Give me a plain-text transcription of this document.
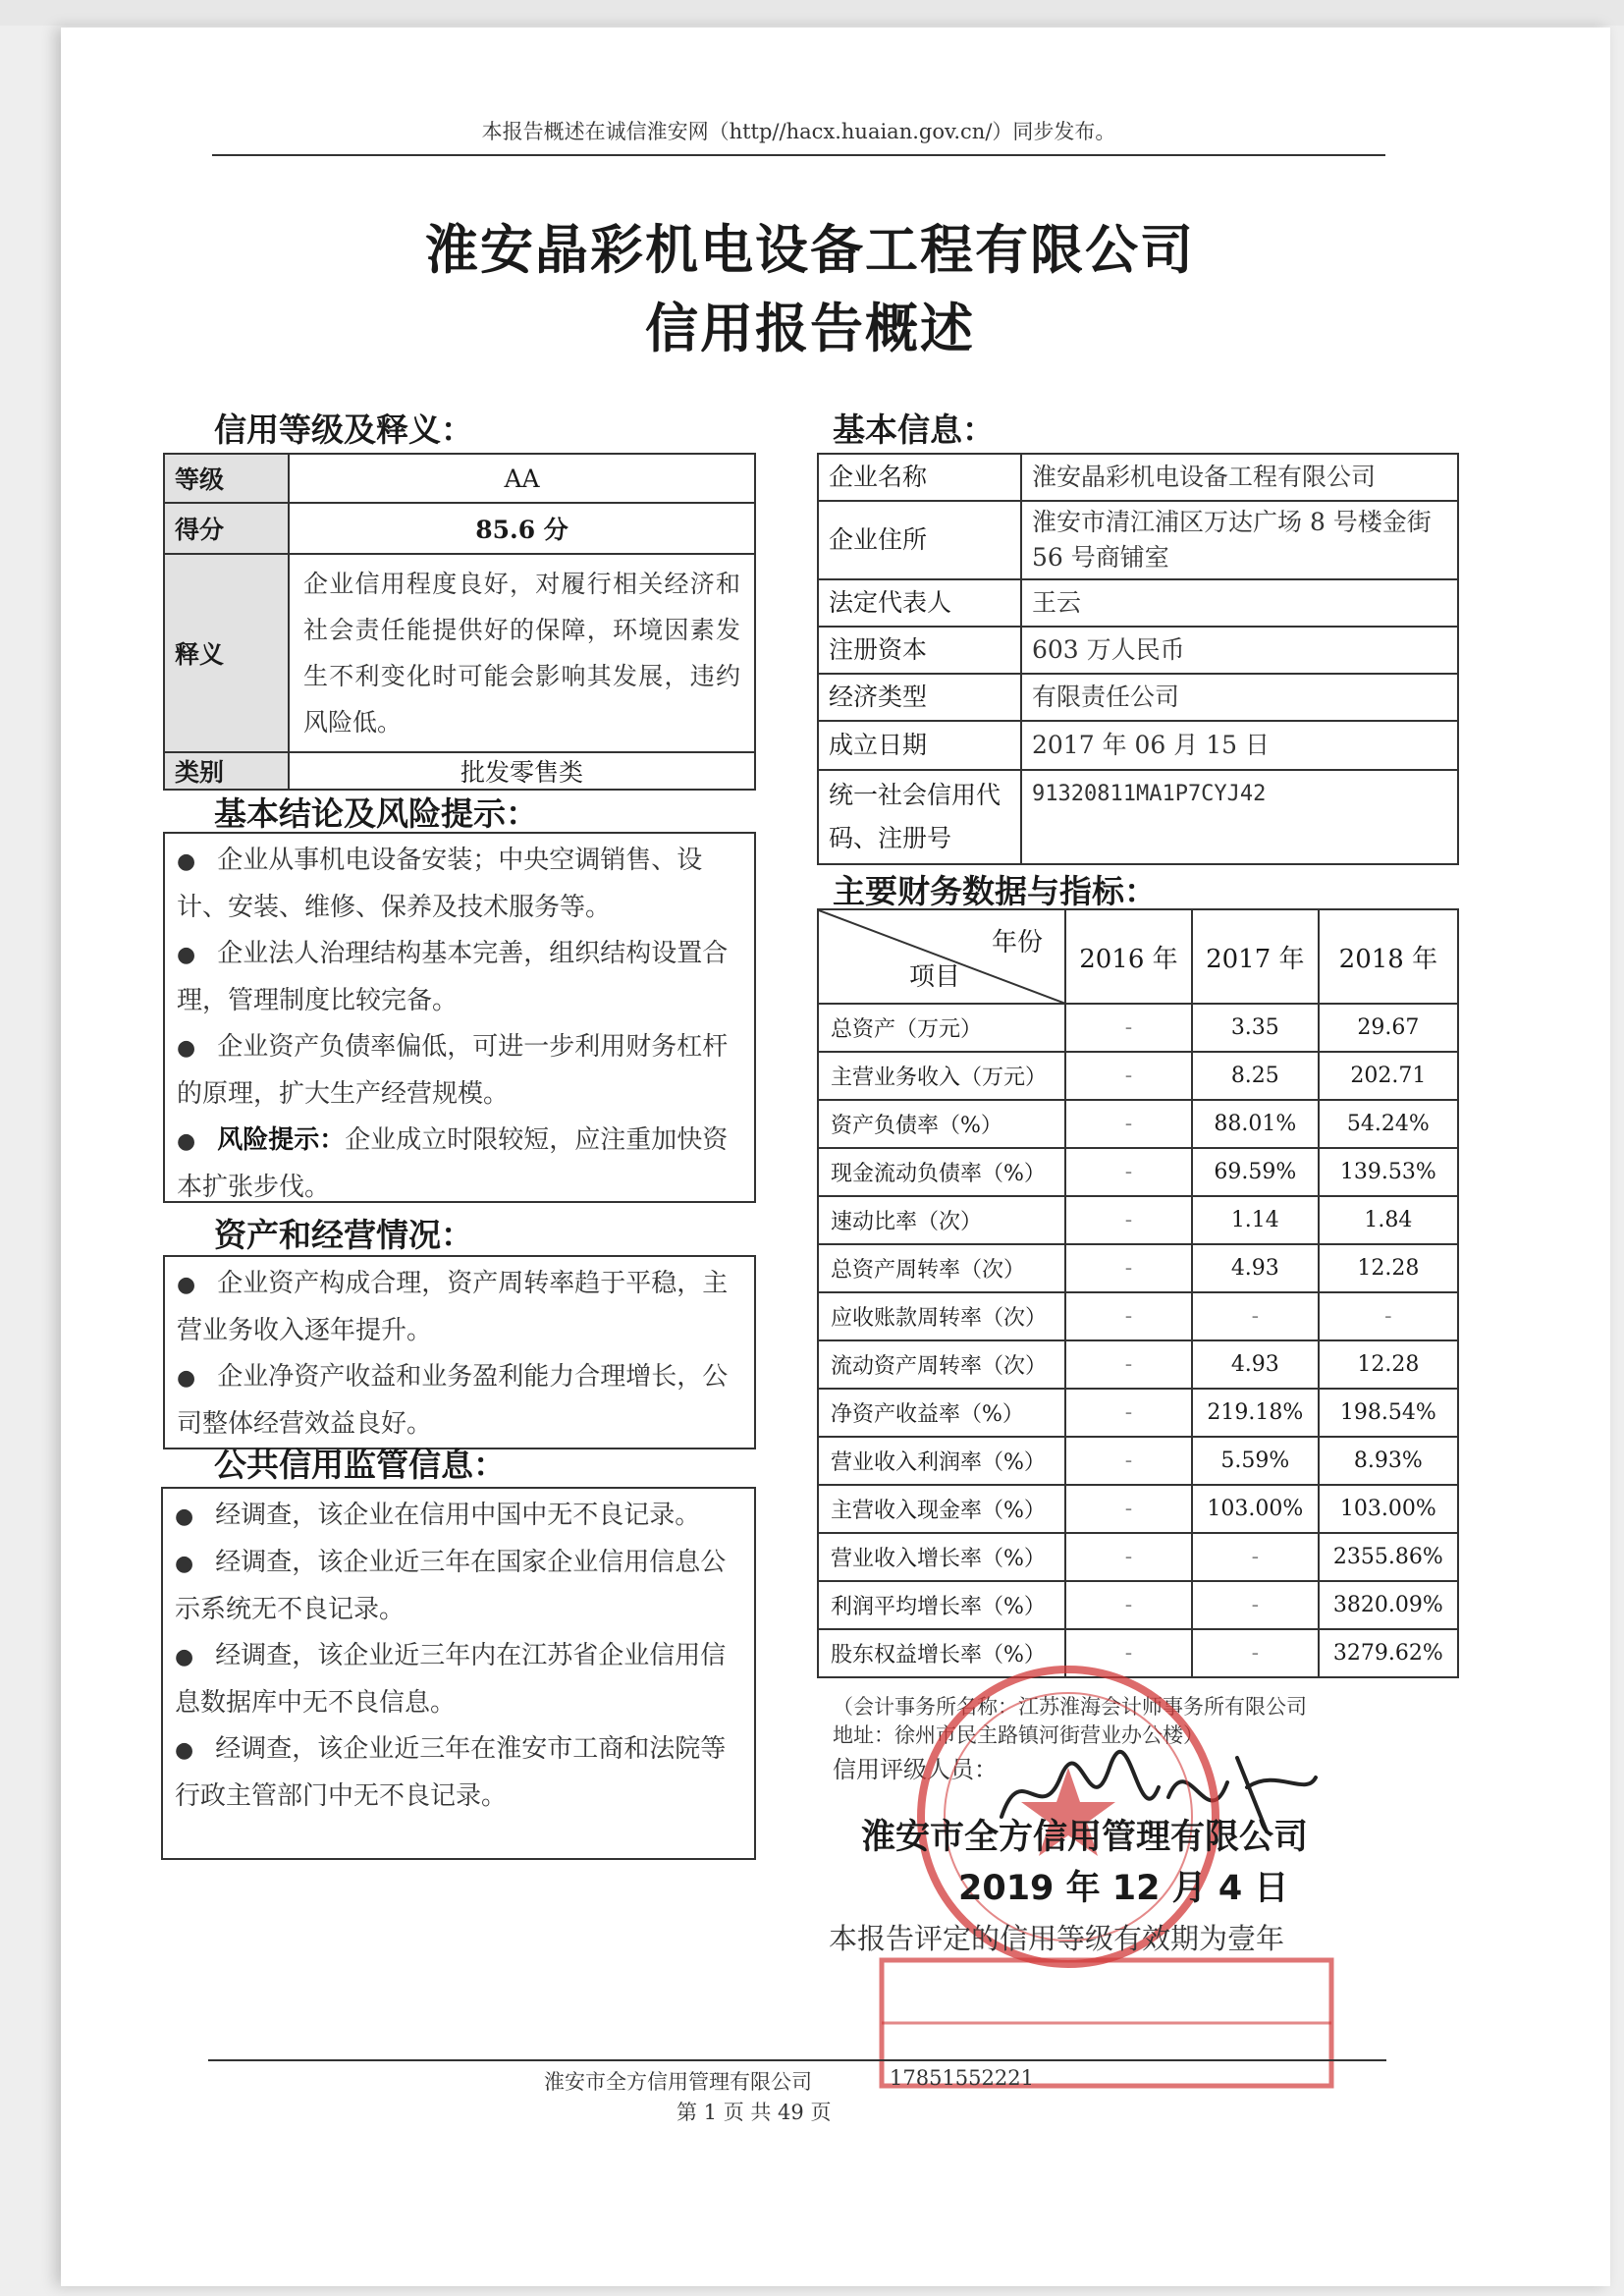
本报告概述在诚信淮安网（http//hacx.huaian.gov.cn/）同步发布。
淮安晶彩机电设备工程有限公司
信用报告概述
信用等级及释义：
等级	AA
得分	85.6 分
释义	企业信用程度良好，对履行相关经济和社会责任能提供好的保障，环境因素发生不利变化时可能会影响其发展，违约风险低。
类别	批发零售类
基本结论及风险提示：

● 企业从事机电设备安装；中央空调销售、设计、安装、维修、保养及技术服务等。

● 企业法人治理结构基本完善，组织结构设置合理，管理制度比较完备。

● 企业资产负债率偏低，可进一步利用财务杠杆的原理，扩大生产经营规模。

● 风险提示：企业成立时限较短，应注重加快资本扩张步伐。

资产和经营情况：

● 企业资产构成合理，资产周转率趋于平稳，主营业务收入逐年提升。

● 企业净资产收益和业务盈利能力合理增长，公司整体经营效益良好。

公共信用监管信息：

● 经调查，该企业在信用中国中无不良记录。

● 经调查，该企业近三年在国家企业信用信息公示系统无不良记录。

● 经调查，该企业近三年内在江苏省企业信用信息数据库中无不良信息。

● 经调查，该企业近三年在淮安市工商和法院等行政主管部门中无不良记录。

基本信息：
企业名称	淮安晶彩机电设备工程有限公司
企业住所	淮安市清江浦区万达广场 8 号楼金街 56 号商铺室
法定代表人	王云
注册资本	603 万人民币
经济类型	有限责任公司
成立日期	2017 年 06 月 15 日
统一社会信用代码、注册号	91320811MA1P7CYJ42
主要财务数据与指标：
年份
项目	2016 年	2017 年	2018 年
总资产（万元）	-	3.35	29.67
主营业务收入（万元）	-	8.25	202.71
资产负债率（%）	-	88.01%	54.24%
现金流动负债率（%）	-	69.59%	139.53%
速动比率（次）	-	1.14	1.84
总资产周转率（次）	-	4.93	12.28
应收账款周转率（次）	-	-	-
流动资产周转率（次）	-	4.93	12.28
净资产收益率（%）	-	219.18%	198.54%
营业收入利润率（%）	-	5.59%	8.93%
主营收入现金率（%）	-	103.00%	103.00%
营业收入增长率（%）	-	-	2355.86%
利润平均增长率（%）	-	-	3820.09%
股东权益增长率（%）	-	-	3279.62%
（会计事务所名称：江苏淮海会计师事务所有限公司
地址：徐州市民主路镇河街营业办公楼）
信用评级人员：
淮安市全方信用管理有限公司
2019 年 12 月 4 日
本报告评定的信用等级有效期为壹年
淮安市全方信用管理有限公司	17851552221
第 1 页 共 49 页
